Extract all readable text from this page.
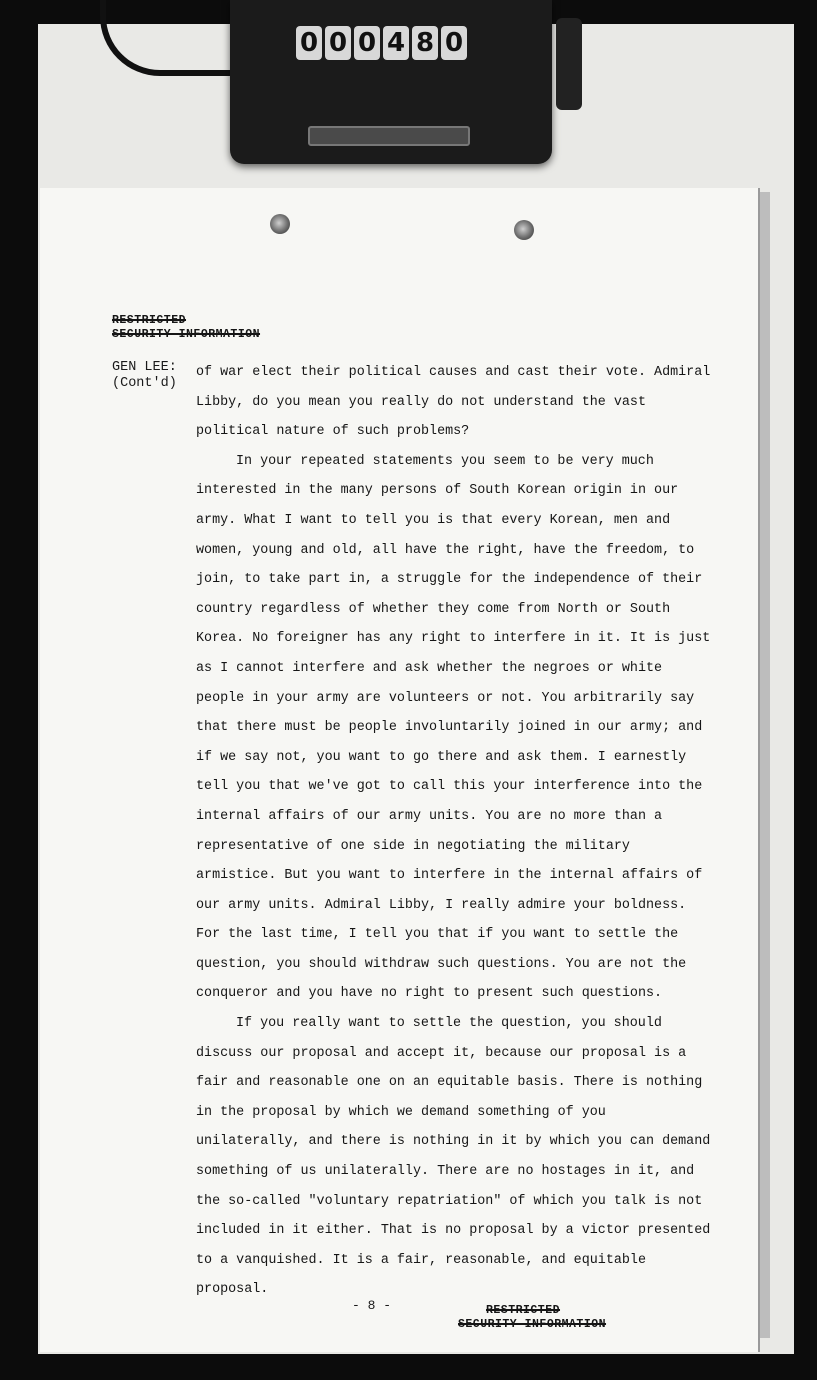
0 0 0 4 8 0
RESTRICTED
SECURITY INFORMATION
GEN LEE:
(Cont'd)

of war elect their political causes and cast their vote. Admiral Libby, do you mean you really do not understand the vast political nature of such problems?

In your repeated statements you seem to be very much interested in the many persons of South Korean origin in our army. What I want to tell you is that every Korean, men and women, young and old, all have the right, have the freedom, to join, to take part in, a struggle for the independence of their country regardless of whether they come from North or South Korea. No foreigner has any right to interfere in it. It is just as I cannot interfere and ask whether the negroes or white people in your army are volunteers or not. You arbitrarily say that there must be people involuntarily joined in our army; and if we say not, you want to go there and ask them. I earnestly tell you that we've got to call this your interference into the internal affairs of our army units. You are no more than a representative of one side in negotiating the military armistice. But you want to interfere in the internal affairs of our army units. Admiral Libby, I really admire your boldness. For the last time, I tell you that if you want to settle the question, you should withdraw such questions. You are not the conqueror and you have no right to present such questions.

If you really want to settle the question, you should discuss our proposal and accept it, because our proposal is a fair and reasonable one on an equitable basis. There is nothing in the proposal by which we demand something of you unilaterally, and there is nothing in it by which you can demand something of us unilaterally. There are no hostages in it, and the so-called "voluntary repatriation" of which you talk is not included in it either. That is no proposal by a victor presented to a vanquished. It is a fair, reasonable, and equitable proposal.

- 8 -	RESTRICTED
SECURITY INFORMATION
